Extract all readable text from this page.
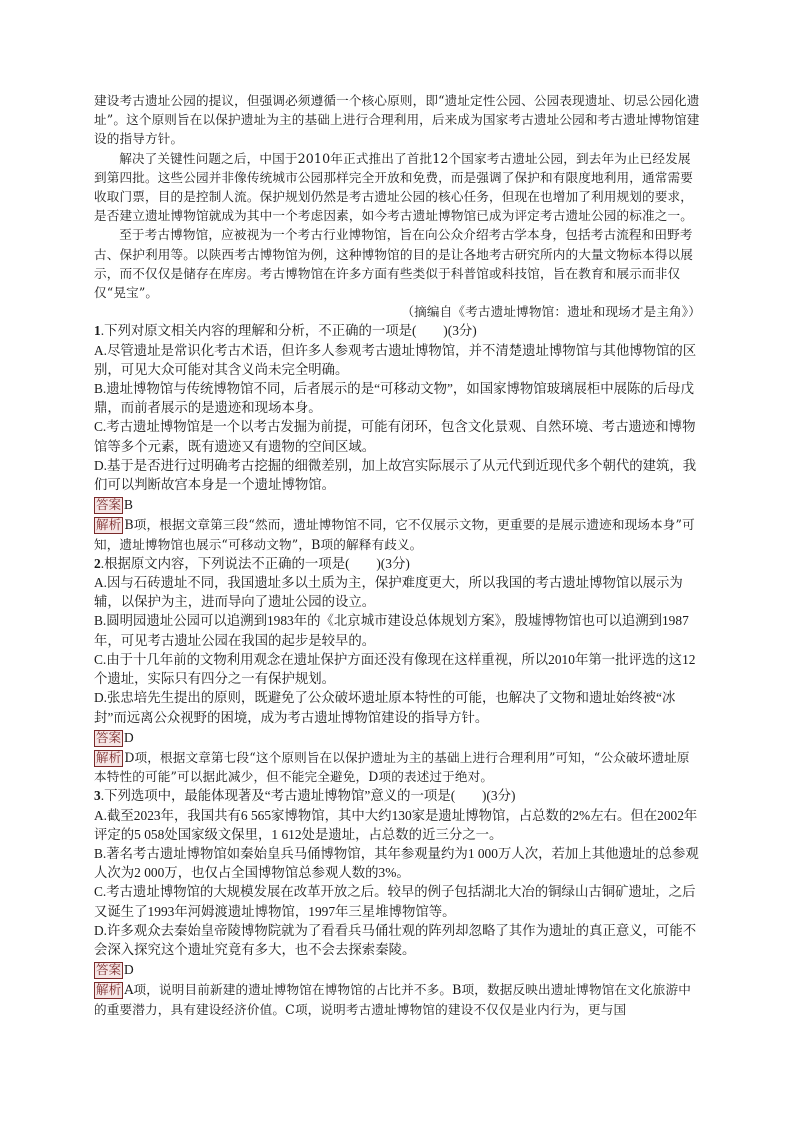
建设考古遗址公园的提议，但强调必须遵循一个核心原则，即“遗址定性公园、公园表现遗址、切忌公园化遗址”。这个原则旨在以保护遗址为主的基础上进行合理利用，后来成为国家考古遗址公园和考古遗址博物馆建设的指导方针。

解决了关键性问题之后，中国于2010年正式推出了首批12个国家考古遗址公园，到去年为止已经发展到第四批。这些公园并非像传统城市公园那样完全开放和免费，而是强调了保护和有限度地利用，通常需要收取门票，目的是控制人流。保护规划仍然是考古遗址公园的核心任务，但现在也增加了利用规划的要求，是否建立遗址博物馆就成为其中一个考虑因素，如今考古遗址博物馆已成为评定考古遗址公园的标准之一。

至于考古博物馆，应被视为一个考古行业博物馆，旨在向公众介绍考古学本身，包括考古流程和田野考古、保护利用等。以陕西考古博物馆为例，这种博物馆的目的是让各地考古研究所内的大量文物标本得以展示，而不仅仅是储存在库房。考古博物馆在许多方面有些类似于科普馆或科技馆，旨在教育和展示而非仅仅“晃宝”。

（摘编自《考古遗址博物馆：遗址和现场才是主角》）

1.下列对原文相关内容的理解和分析，不正确的一项是(　　)(3分)

A.尽管遗址是常识化考古术语，但许多人参观考古遗址博物馆，并不清楚遗址博物馆与其他博物馆的区别，可见大众可能对其含义尚未完全明确。

B.遗址博物馆与传统博物馆不同，后者展示的是“可移动文物”，如国家博物馆玻璃展柜中展陈的后母戊鼎，而前者展示的是遗迹和现场本身。

C.考古遗址博物馆是一个以考古发掘为前提，可能有闭环，包含文化景观、自然环境、考古遗迹和博物馆等多个元素，既有遗迹又有遗物的空间区域。

D.基于是否进行过明确考古挖掘的细微差别，加上故宫实际展示了从元代到近现代多个朝代的建筑，我们可以判断故宫本身是一个遗址博物馆。

答案 B

解析 B项，根据文章第三段“然而，遗址博物馆不同，它不仅展示文物，更重要的是展示遗迹和现场本身”可知，遗址博物馆也展示“可移动文物”，B项的解释有歧义。

2.根据原文内容，下列说法不正确的一项是(　　)(3分)

A.因与石砖遗址不同，我国遗址多以土质为主，保护难度更大，所以我国的考古遗址博物馆以展示为辅，以保护为主，进而导向了遗址公园的设立。

B.圆明园遗址公园可以追溯到1983年的《北京城市建设总体规划方案》，殷墟博物馆也可以追溯到1987年，可见考古遗址公园在我国的起步是较早的。

C.由于十几年前的文物利用观念在遗址保护方面还没有像现在这样重视，所以2010年第一批评选的这12个遗址，实际只有四分之一有保护规划。

D.张忠培先生提出的原则，既避免了公众破坏遗址原本特性的可能，也解决了文物和遗址始终被“冰封”而远离公众视野的困境，成为考古遗址博物馆建设的指导方针。

答案 D

解析 D项，根据文章第七段“这个原则旨在以保护遗址为主的基础上进行合理利用”可知，“公众破坏遗址原本特性的可能”可以据此减少，但不能完全避免，D项的表述过于绝对。

3.下列选项中，最能体现著及“考古遗址博物馆”意义的一项是(　　)(3分)

A.截至2023年，我国共有6 565家博物馆，其中大约130家是遗址博物馆，占总数的2%左右。但在2002年评定的5 058处国家级文保里，1 612处是遗址，占总数的近三分之一。

B.著名考古遗址博物馆如秦始皇兵马俑博物馆，其年参观量约为1 000万人次，若加上其他遗址的总参观人次为2 000万，也仅占全国博物馆总参观人数的3%。

C.考古遗址博物馆的大规模发展在改革开放之后。较早的例子包括湖北大冶的铜绿山古铜矿遗址，之后又诞生了1993年河姆渡遗址博物馆，1997年三星堆博物馆等。

D.许多观众去秦始皇帝陵博物院就为了看看兵马俑壮观的阵列却忽略了其作为遗址的真正意义，可能不会深入探究这个遗址究竟有多大，也不会去探索秦陵。

答案 D

解析 A项，说明目前新建的遗址博物馆在博物馆的占比并不多。B项，数据反映出遗址博物馆在文化旅游中的重要潜力，具有建设经济价值。C项，说明考古遗址博物馆的建设不仅仅是业内行为，更与国
